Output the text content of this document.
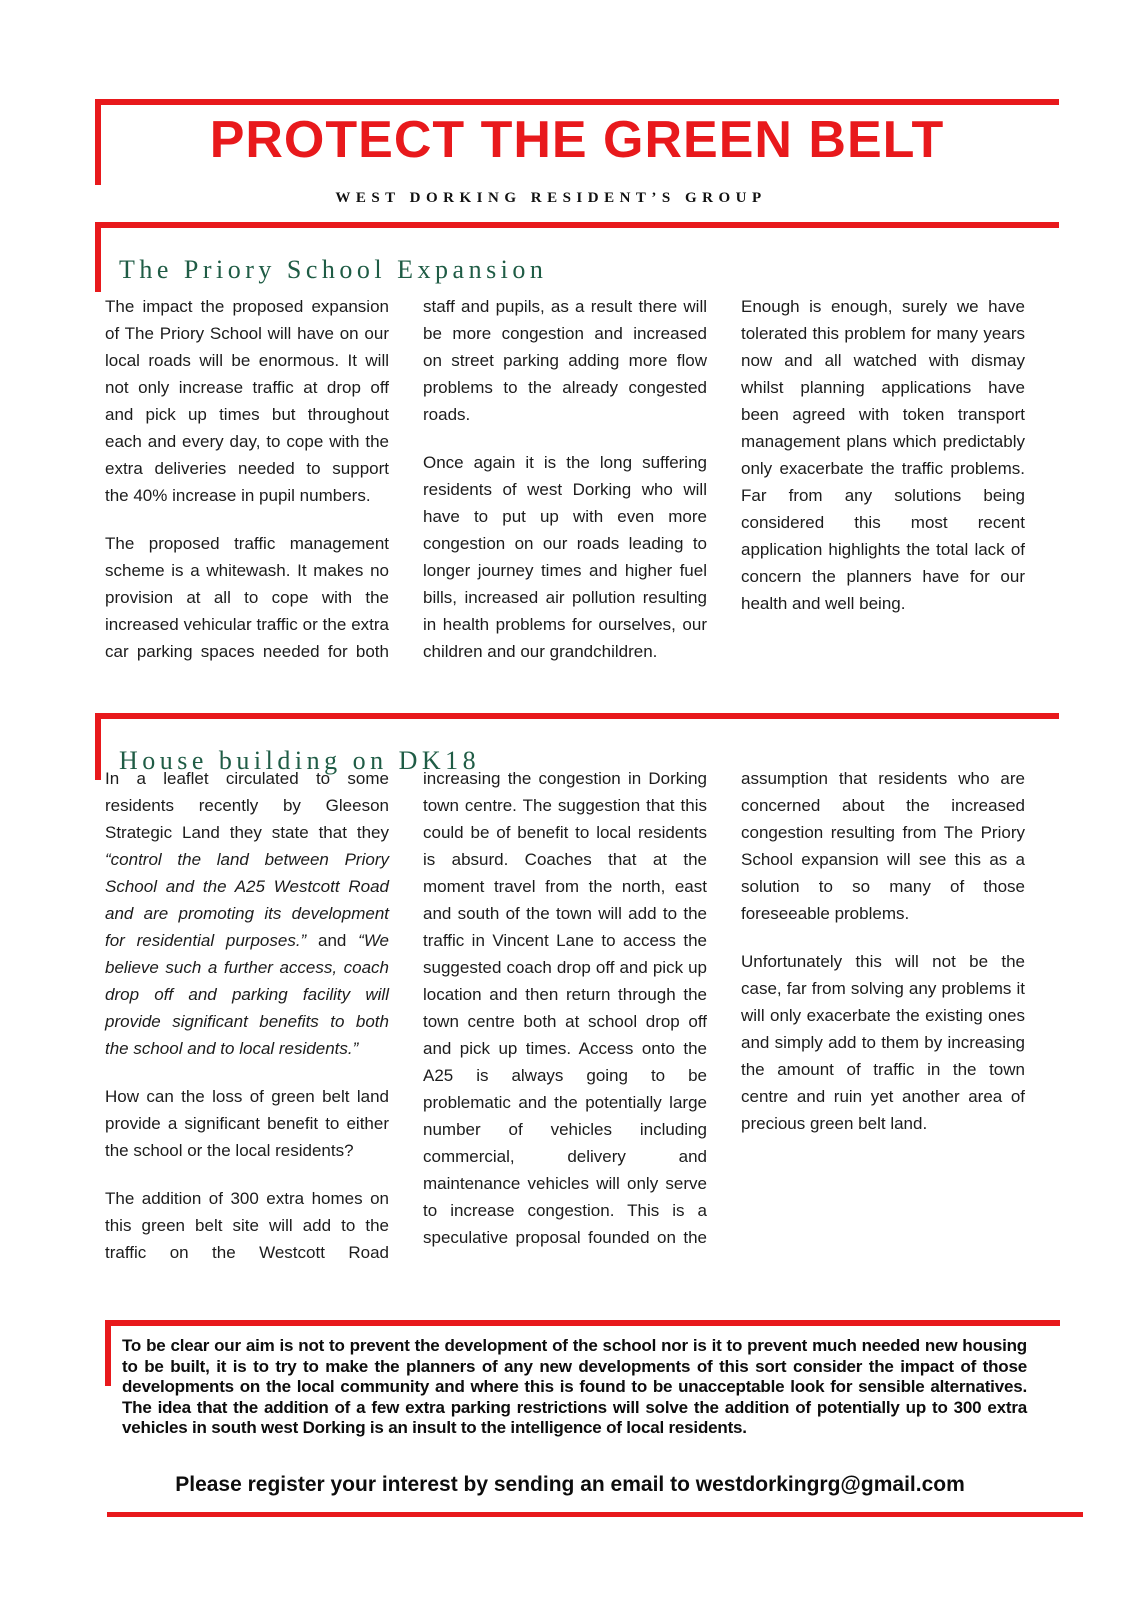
PROTECT THE GREEN BELT
WEST DORKING RESIDENT’S GROUP
The Priory School Expansion

The impact the proposed expansion of The Priory School will have on our local roads will be enormous. It will not only increase traffic at drop off and pick up times but throughout each and every day, to cope with the extra deliveries needed to support the 40% increase in pupil numbers.

The proposed traffic management scheme is a whitewash. It makes no provision at all to cope with the increased vehicular traffic or the extra car parking spaces needed for both staff and pupils, as a result there will be more congestion and increased on street parking adding more flow problems to the already congested roads.

Once again it is the long suffering residents of west Dorking who will have to put up with even more congestion on our roads leading to longer journey times and higher fuel bills, increased air pollution resulting in health problems for ourselves, our children and our grandchildren.

Enough is enough, surely we have tolerated this problem for many years now and all watched with dismay whilst planning applications have been agreed with token transport management plans which predictably only exacerbate the traffic problems. Far from any solutions being considered this most recent application highlights the total lack of concern the planners have for our health and well being.

House building on DK18

In a leaflet circulated to some residents recently by Gleeson Strategic Land they state that they “control the land between Priory School and the A25 Westcott Road and are promoting its development for residential purposes.” and “We believe such a further access, coach drop off and parking facility will provide significant benefits to both the school and to local residents.”

How can the loss of green belt land provide a significant benefit to either the school or the local residents?

The addition of 300 extra homes on this green belt site will add to the traffic on the Westcott Road increasing the congestion in Dorking town centre. The suggestion that this could be of benefit to local residents is absurd. Coaches that at the moment travel from the north, east and south of the town will add to the traffic in Vincent Lane to access the suggested coach drop off and pick up location and then return through the town centre both at school drop off and pick up times. Access onto the A25 is always going to be problematic and the potentially large number of vehicles including commercial, delivery and maintenance vehicles will only serve to increase congestion. This is a speculative proposal founded on the assumption that residents who are concerned about the increased congestion resulting from The Priory School expansion will see this as a solution to so many of those foreseeable problems.

Unfortunately this will not be the case, far from solving any problems it will only exacerbate the existing ones and simply add to them by increasing the amount of traffic in the town centre and ruin yet another area of precious green belt land.

To be clear our aim is not to prevent the development of the school nor is it to prevent much needed new housing to be built, it is to try to make the planners of any new developments of this sort consider the impact of those developments on the local community and where this is found to be unacceptable look for sensible alternatives. The idea that the addition of a few extra parking restrictions will solve the addition of potentially up to 300 extra vehicles in south west Dorking is an insult to the intelligence of local residents.
Please register your interest by sending an email to westdorkingrg@gmail.com
